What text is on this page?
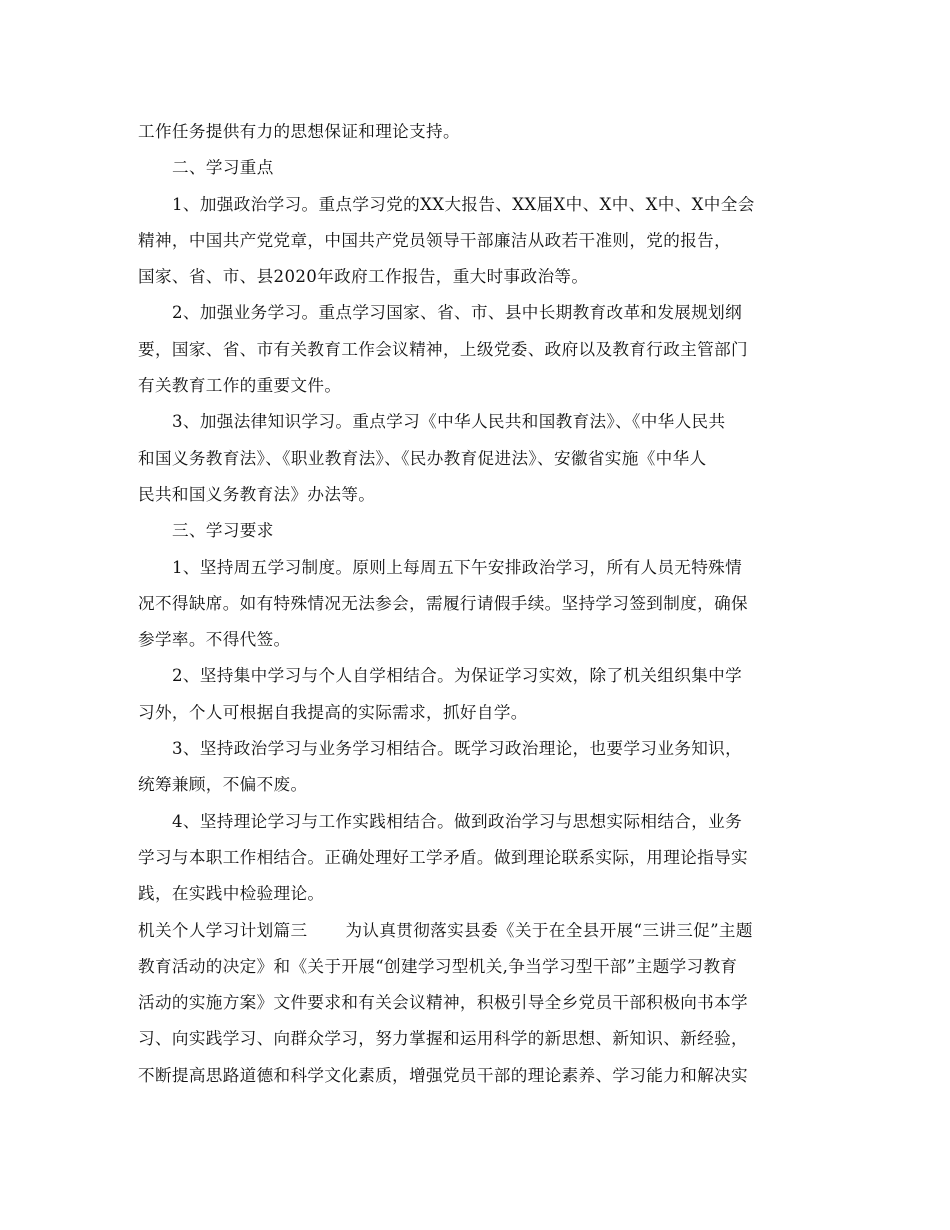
工作任务提供有力的思想保证和理论支持。
二、学习重点
1、加强政治学习。重点学习党的XX大报告、XX届X中、X中、X中、X中全会
精神，中国共产党党章，中国共产党员领导干部廉洁从政若干准则，党的报告，
国家、省、市、县2020年政府工作报告，重大时事政治等。
2、加强业务学习。重点学习国家、省、市、县中长期教育改革和发展规划纲
要，国家、省、市有关教育工作会议精神，上级党委、政府以及教育行政主管部门
有关教育工作的重要文件。
3、加强法律知识学习。重点学习《中华人民共和国教育法》、《中华人民共
和国义务教育法》、《职业教育法》、《民办教育促进法》、安徽省实施《中华人
民共和国义务教育法》办法等。
三、学习要求
1、坚持周五学习制度。原则上每周五下午安排政治学习，所有人员无特殊情
况不得缺席。如有特殊情况无法参会，需履行请假手续。坚持学习签到制度，确保
参学率。不得代签。
2、坚持集中学习与个人自学相结合。为保证学习实效，除了机关组织集中学
习外，个人可根据自我提高的实际需求，抓好自学。
3、坚持政治学习与业务学习相结合。既学习政治理论，也要学习业务知识，
统筹兼顾，不偏不废。
4、坚持理论学习与工作实践相结合。做到政治学习与思想实际相结合，业务
学习与本职工作相结合。正确处理好工学矛盾。做到理论联系实际，用理论指导实
践，在实践中检验理论。
机关个人学习计划篇三 为认真贯彻落实县委《关于在全县开展“三讲三促”主题
教育活动的决定》和《关于开展“创建学习型机关,争当学习型干部”主题学习教育
活动的实施方案》文件要求和有关会议精神，积极引导全乡党员干部积极向书本学
习、向实践学习、向群众学习，努力掌握和运用科学的新思想、新知识、新经验，
不断提高思路道德和科学文化素质，增强党员干部的理论素养、学习能力和解决实
